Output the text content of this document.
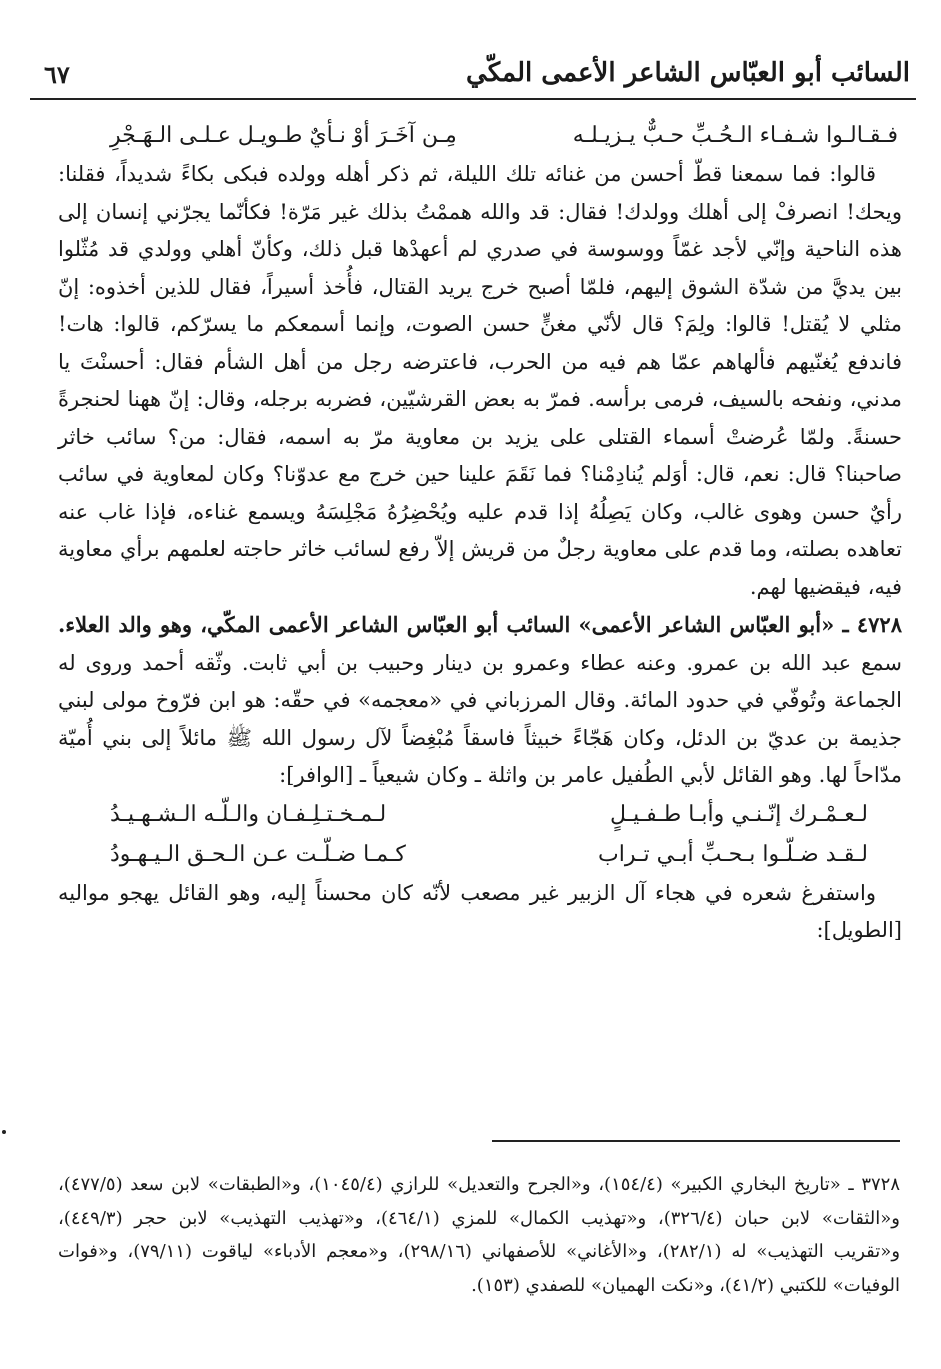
السائب أبو العبّاس الشاعر الأعمى المكّي
٦٧
فـقـالـوا شـفـاء الـحُـبِّ حـبٌّ يـزيـلـه
مِـن آخَـرَ أوْ نـأيٌ طـويـل عـلـى الـهَـجْرِ

قالوا: فما سمعنا قطّ أحسن من غنائه تلك الليلة، ثم ذكر أهله وولده فبكى بكاءً شديداً، فقلنا: ويحك! انصرفْ إلى أهلك وولدك! فقال: قد والله هممْتُ بذلك غير مَرّة! فكأنّما يجرّني إنسان إلى هذه الناحية وإنّي لأجد غمّاً ووسوسة في صدري لم أعهدْها قبل ذلك، وكأنّ أهلي وولدي قد مُثّلوا بين يديَّ من شدّة الشوق إليهم، فلمّا أصبح خرج يريد القتال، فأُخذ أسيراً، فقال للذين أخذوه: إنّ مثلي لا يُقتل! قالوا: ولِمَ؟ قال لأنّي مغنٍّ حسن الصوت، وإنما أسمعكم ما يسرّكم، قالوا: هات! فاندفع يُغنّيهم فألهاهم عمّا هم فيه من الحرب، فاعترضه رجل من أهل الشأم فقال: أحسنْتَ يا مدني، ونفحه بالسيف، فرمى برأسه. فمرّ به بعض القرشيّين، فضربه برجله، وقال: إنّ ههنا لحنجرةً حسنةً. ولمّا عُرضتْ أسماء القتلى على يزيد بن معاوية مرّ به اسمه، فقال: من؟ سائب خاثر صاحبنا؟ قال: نعم، قال: أوَلم يُنادِمْنا؟ فما نَقَمَ علينا حين خرج مع عدوّنا؟ وكان لمعاوية في سائب رأيٌ حسن وهوى غالب، وكان يَصِلُهُ إذا قدم عليه ويُحْضِرُهُ مَجْلِسَهُ ويسمع غناءه، فإذا غاب عنه تعاهده بصلته، وما قدم على معاوية رجلٌ من قريش إلاّ رفع لسائب خاثر حاجته لعلمهم برأي معاوية فيه، فيقضيها لهم.

٤٧٢٨ ـ «أبو العبّاس الشاعر الأعمى» السائب أبو العبّاس الشاعر الأعمى المكّي، وهو والد العلاء. سمع عبد الله بن عمرو. وعنه عطاء وعمرو بن دينار وحبيب بن أبي ثابت. وثّقه أحمد وروى له الجماعة وتُوفّي في حدود المائة. وقال المرزباني في «معجمه» في حقّه: هو ابن فرّوخ مولى لبني جذيمة بن عديّ بن الدئل، وكان هَجّاءً خبيثاً فاسقاً مُبْغِضاً لآل رسول الله ﷺ مائلاً إلى بني أُميّة مدّاحاً لها. وهو القائل لأبي الطُفيل عامر بن واثلة ـ وكان شيعياً ـ [الوافر]:

لـعـمْـرك إنّـنـي وأبـا طـفـيـلٍ
لـمـخـتـلِـفـان والـلّـه الـشـهـيـدُ
لـقـد ضـلّـوا بـحـبِّ أبـي تـراب
كـمـا ضـلّـت عـن الـحـق الـيـهـودُ

واستفرغ شعره في هجاء آل الزبير غير مصعب لأنّه كان محسناً إليه، وهو القائل يهجو مواليه [الطويل]:

٣٧٢٨ ـ «تاريخ البخاري الكبير» (١٥٤/٤)، و«الجرح والتعديل» للرازي (١٠٤٥/٤)، و«الطبقات» لابن سعد (٤٧٧/٥)، و«الثقات» لابن حبان (٣٢٦/٤)، و«تهذيب الكمال» للمزي (٤٦٤/١)، و«تهذيب التهذيب» لابن حجر (٤٤٩/٣)، و«تقريب التهذيب» له (٢٨٢/١)، و«الأغاني» للأصفهاني (٢٩٨/١٦)، و«معجم الأدباء» لياقوت (٧٩/١١)، و«فوات الوفيات» للكتبي (٤١/٢)، و«نكت الهميان» للصفدي (١٥٣).
